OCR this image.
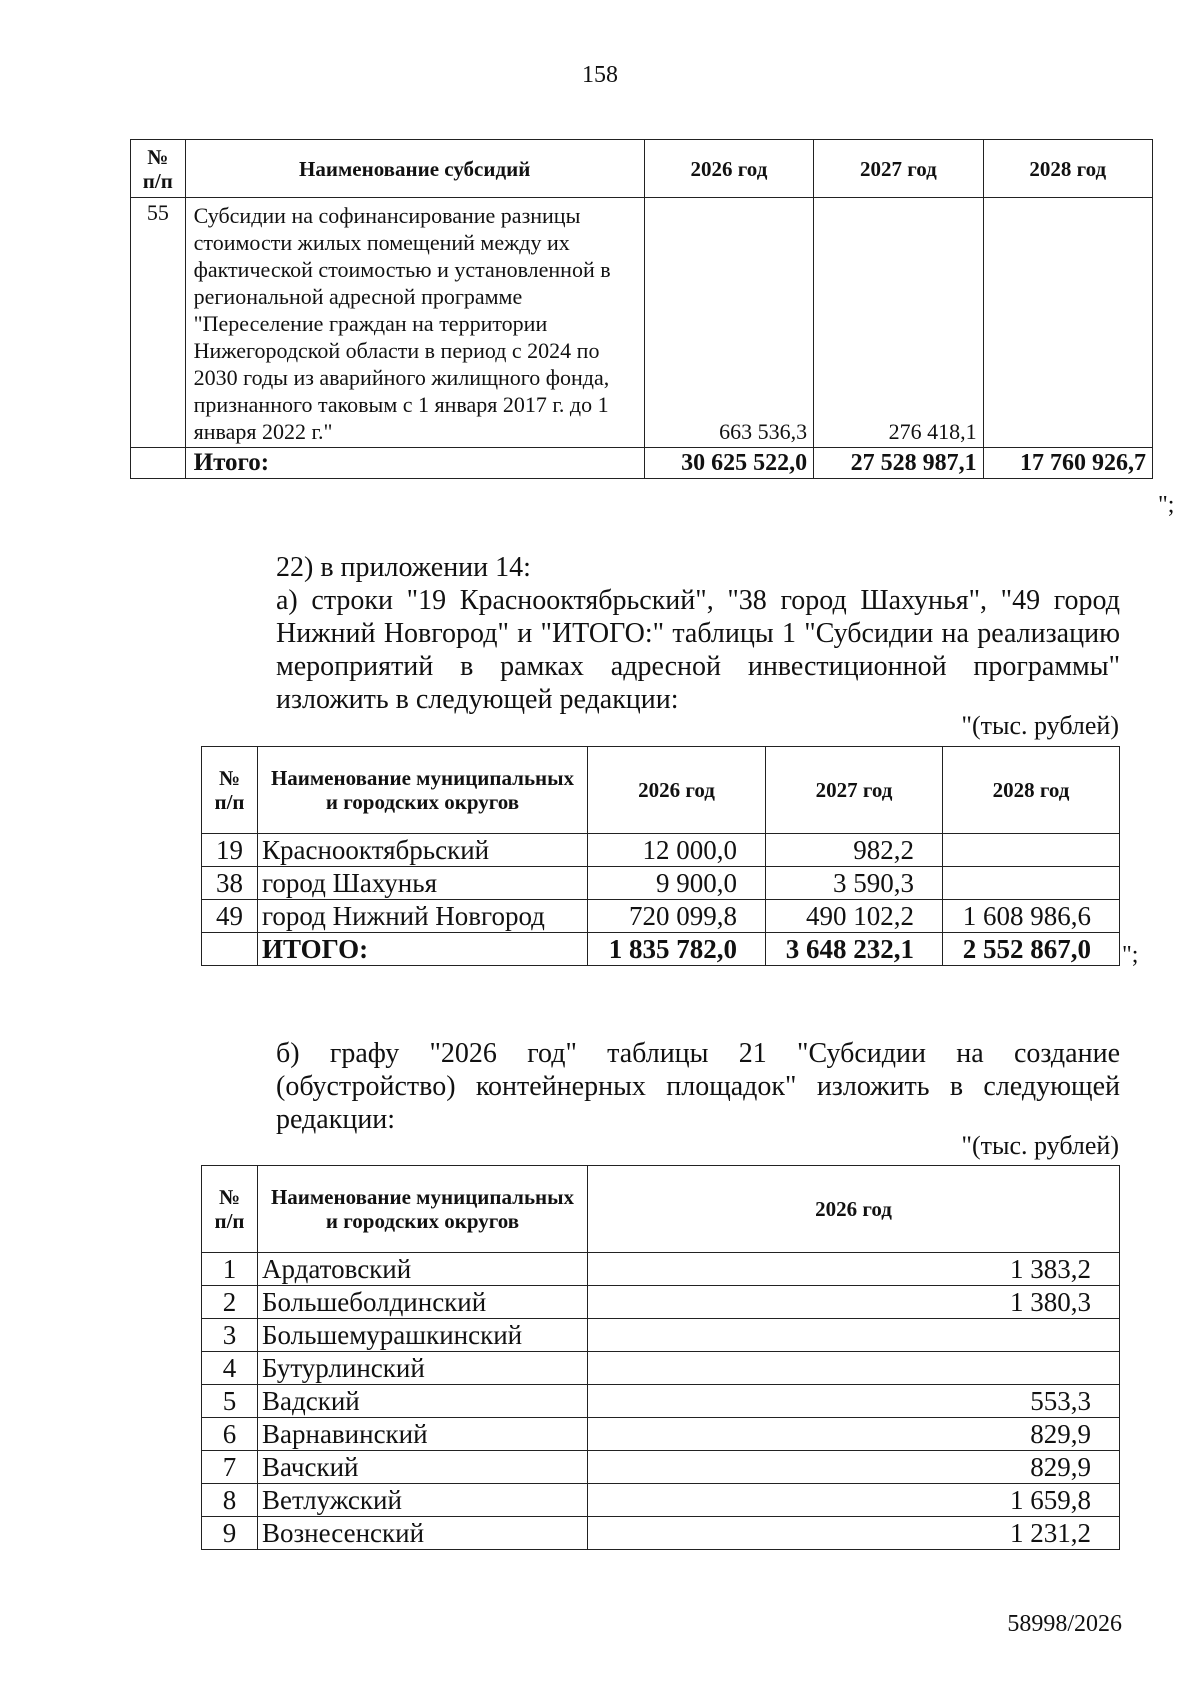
158
№ п/п	Наименование субсидий	2026 год	2027 год	2028 год
55	Субсидии на софинансирование разницы стоимости жилых помещений между их фактической стоимостью и установленной в региональной адресной программе "Переселение граждан на территории Нижегородской области в период с 2024 по 2030 годы из аварийного жилищного фонда, признанного таковым с 1 января 2017 г. до 1 января 2022 г."	663 536,3	276 418,1	
	Итого:	30 625 522,0	27 528 987,1	17 760 926,7
";
22) в приложении 14:
а) строки "19 Краснооктябрьский", "38 город Шахунья", "49 город Нижний Новгород" и "ИТОГО:" таблицы 1 "Субсидии на реализацию мероприятий в рамках адресной инвестиционной программы" изложить в следующей редакции:
"(тыс. рублей)
№ п/п	Наименование муниципальных и городских округов	2026 год	2027 год	2028 год
19	Краснооктябрьский	12 000,0	982,2	
38	город Шахунья	9 900,0	3 590,3	
49	город Нижний Новгород	720 099,8	490 102,2	1 608 986,6
	ИТОГО:	1 835 782,0	3 648 232,1	2 552 867,0 ";
б) графу "2026 год" таблицы 21 "Субсидии на создание (обустройство) контейнерных площадок" изложить в следующей редакции:
"(тыс. рублей)
№ п/п	Наименование муниципальных и городских округов	2026 год
1	Ардатовский	1 383,2
2	Большеболдинский	1 380,3
3	Большемурашкинский	
4	Бутурлинский	
5	Вадский	553,3
6	Варнавинский	829,9
7	Вачский	829,9
8	Ветлужский	1 659,8
9	Вознесенский	1 231,2
58998/2026
